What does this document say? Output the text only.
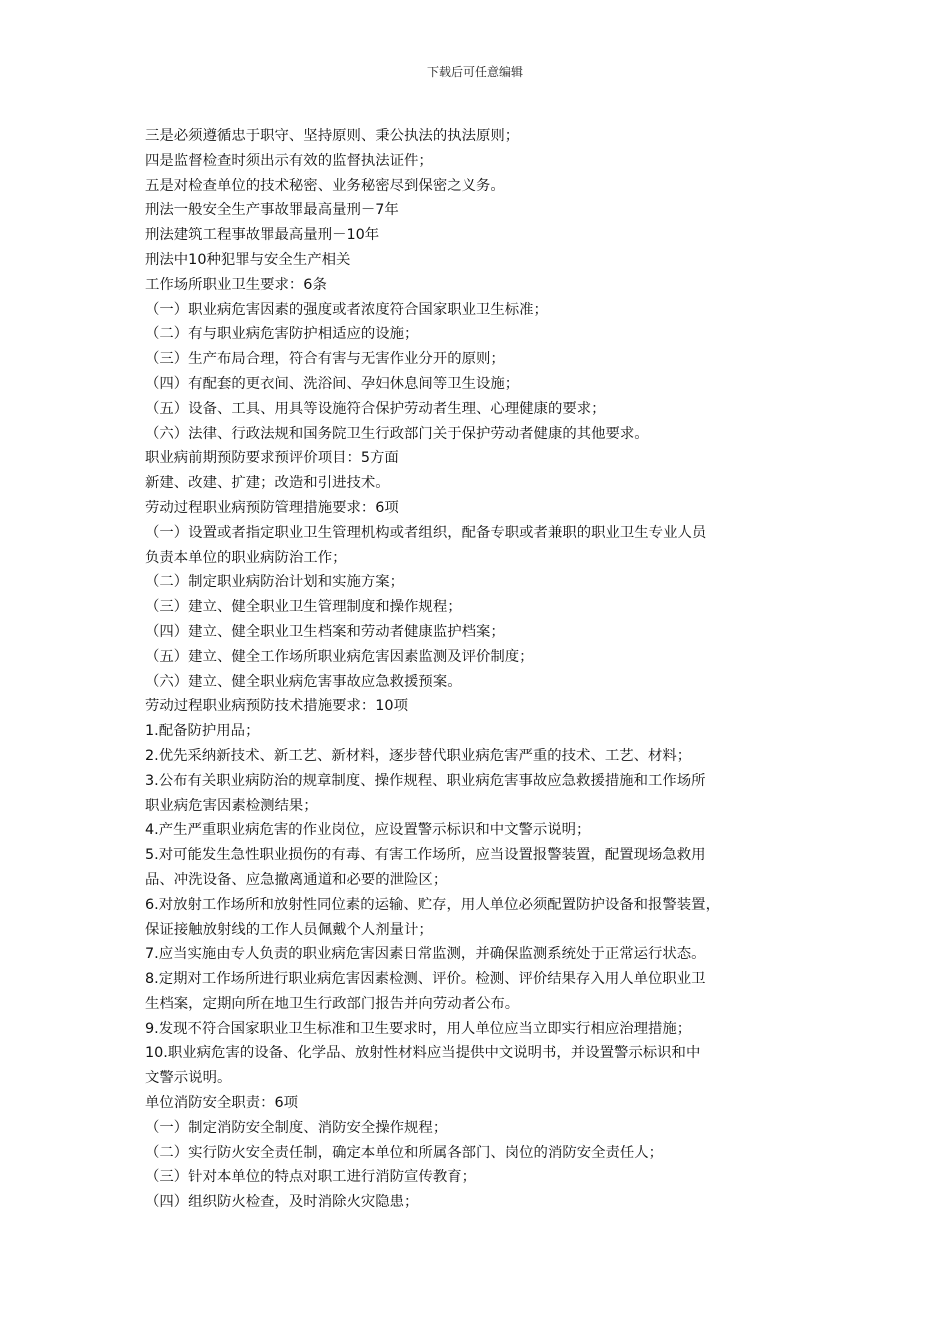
下载后可任意编辑
三是必须遵循忠于职守、坚持原则、秉公执法的执法原则；
四是监督检查时须出示有效的监督执法证件；
五是对检查单位的技术秘密、业务秘密尽到保密之义务。
刑法一般安全生产事故罪最高量刑－7年
刑法建筑工程事故罪最高量刑－10年
刑法中10种犯罪与安全生产相关
工作场所职业卫生要求：6条
（一）职业病危害因素的强度或者浓度符合国家职业卫生标准；
（二）有与职业病危害防护相适应的设施；
（三）生产布局合理，符合有害与无害作业分开的原则；
（四）有配套的更衣间、洗浴间、孕妇休息间等卫生设施；
（五）设备、工具、用具等设施符合保护劳动者生理、心理健康的要求；
（六）法律、行政法规和国务院卫生行政部门关于保护劳动者健康的其他要求。
职业病前期预防要求预评价项目：5方面
新建、改建、扩建；改造和引进技术。
劳动过程职业病预防管理措施要求：6项
（一）设置或者指定职业卫生管理机构或者组织，配备专职或者兼职的职业卫生专业人员
负责本单位的职业病防治工作；
（二）制定职业病防治计划和实施方案；
（三）建立、健全职业卫生管理制度和操作规程；
（四）建立、健全职业卫生档案和劳动者健康监护档案；
（五）建立、健全工作场所职业病危害因素监测及评价制度；
（六）建立、健全职业病危害事故应急救援预案。
劳动过程职业病预防技术措施要求：10项
1.配备防护用品；
2.优先采纳新技术、新工艺、新材料，逐步替代职业病危害严重的技术、工艺、材料；
3.公布有关职业病防治的规章制度、操作规程、职业病危害事故应急救援措施和工作场所
职业病危害因素检测结果；
4.产生严重职业病危害的作业岗位，应设置警示标识和中文警示说明；
5.对可能发生急性职业损伤的有毒、有害工作场所，应当设置报警装置，配置现场急救用
品、冲洗设备、应急撤离通道和必要的泄险区；
6.对放射工作场所和放射性同位素的运输、贮存，用人单位必须配置防护设备和报警装置，
保证接触放射线的工作人员佩戴个人剂量计；
7.应当实施由专人负责的职业病危害因素日常监测，并确保监测系统处于正常运行状态。
8.定期对工作场所进行职业病危害因素检测、评价。检测、评价结果存入用人单位职业卫
生档案，定期向所在地卫生行政部门报告并向劳动者公布。
9.发现不符合国家职业卫生标准和卫生要求时，用人单位应当立即实行相应治理措施；
10.职业病危害的设备、化学品、放射性材料应当提供中文说明书，并设置警示标识和中
文警示说明。
单位消防安全职责：6项
（一）制定消防安全制度、消防安全操作规程；
（二）实行防火安全责任制，确定本单位和所属各部门、岗位的消防安全责任人；
（三）针对本单位的特点对职工进行消防宣传教育；
（四）组织防火检查，及时消除火灾隐患；
